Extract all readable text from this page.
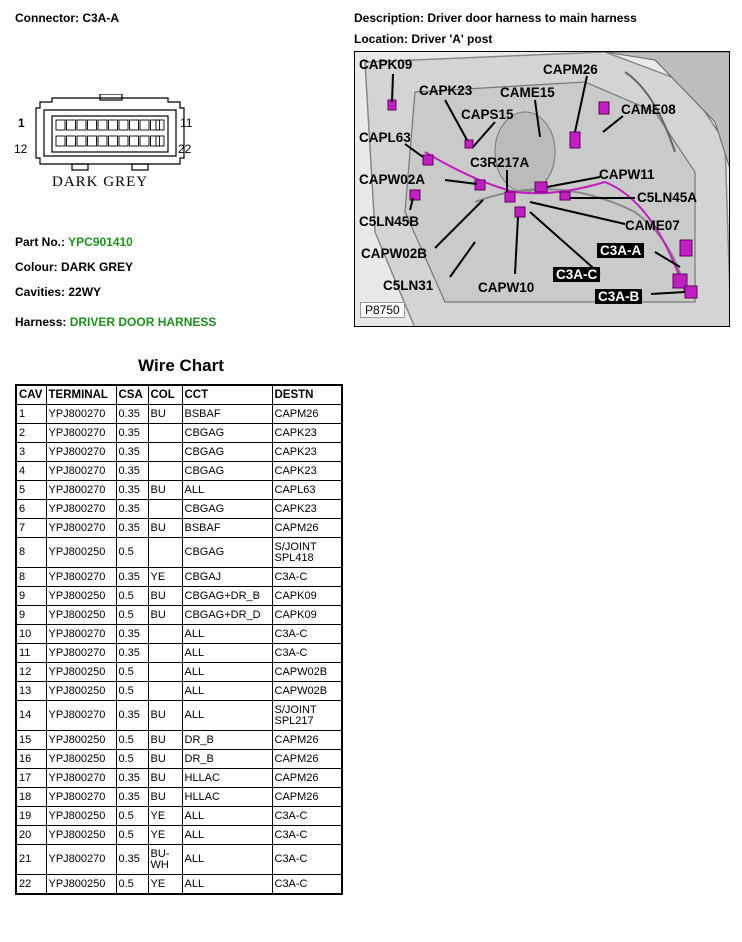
Connector: C3A-A	Description: Driver door harness to main harness
Location: Driver 'A' post
1	11
12	22
DARK GREY
Part No.: YPC901410
Colour: DARK GREY
Cavities: 22WY
Harness: DRIVER DOOR HARNESS
CAPK09	CAPM26
CAPK23 CAME15
CAPS15	CAME08
CAPL63
C3R217A
CAPW11
CAPW02A
C5LN45A
C5LN45B	CAME07
CAPW02B	C3A-A
C5LN31	CAPW10
C3A-C
C3A-B
P8750
Wire Chart
CAV	TERMINAL	CSA	COL	CCT	DESTN
1	YPJ800270	0.35	BU	BSBAF	CAPM26
2	YPJ800270	0.35		CBGAG	CAPK23
3	YPJ800270	0.35		CBGAG	CAPK23
4	YPJ800270	0.35		CBGAG	CAPK23
5	YPJ800270	0.35	BU	ALL	CAPL63
6	YPJ800270	0.35		CBGAG	CAPK23
7	YPJ800270	0.35	BU	BSBAF	CAPM26
8	YPJ800250	0.5		CBGAG	S/JOINT SPL418
8	YPJ800270	0.35	YE	CBGAJ	C3A-C
9	YPJ800250	0.5	BU	CBGAG+DR_B	CAPK09
9	YPJ800250	0.5	BU	CBGAG+DR_D	CAPK09
10	YPJ800270	0.35		ALL	C3A-C
11	YPJ800270	0.35		ALL	C3A-C
12	YPJ800250	0.5		ALL	CAPW02B
13	YPJ800250	0.5		ALL	CAPW02B
14	YPJ800270	0.35	BU	ALL	S/JOINT SPL217
15	YPJ800250	0.5	BU	DR_B	CAPM26
16	YPJ800250	0.5	BU	DR_B	CAPM26
17	YPJ800270	0.35	BU	HLLAC	CAPM26
18	YPJ800270	0.35	BU	HLLAC	CAPM26
19	YPJ800250	0.5	YE	ALL	C3A-C
20	YPJ800250	0.5	YE	ALL	C3A-C
21	YPJ800270	0.35	BU-WH	ALL	C3A-C
22	YPJ800250	0.5	YE	ALL	C3A-C
